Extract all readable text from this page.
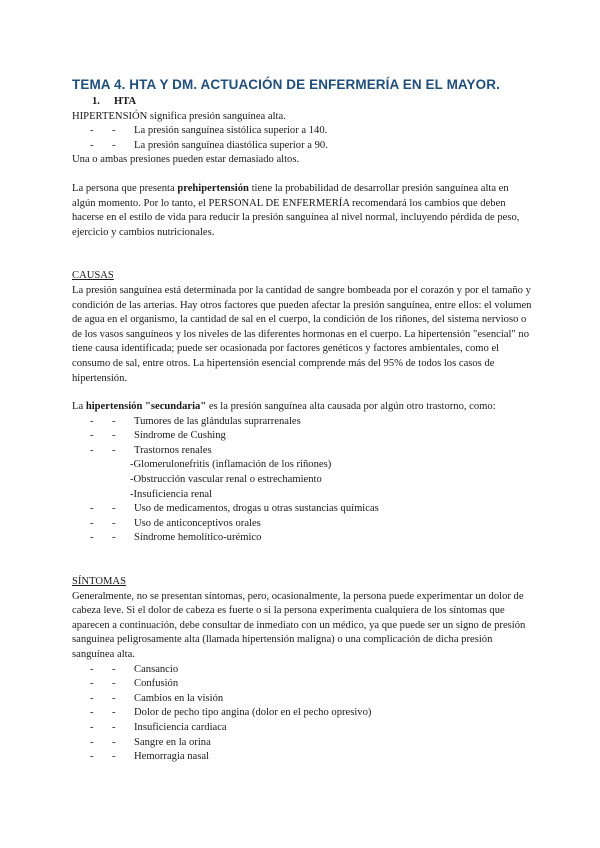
TEMA 4. HTA Y DM. ACTUACIÓN DE ENFERMERÍA EN EL MAYOR.
1. HTA

HIPERTENSIÓN significa presión sanguínea alta.

- -	La presión sanguínea sistólica superior a 140.
- -	La presión sanguínea diastólica superior a 90.

Una o ambas presiones pueden estar demasiado altos.

La persona que presenta prehipertensión tiene la probabilidad de desarrollar presión sanguínea alta en algún momento. Por lo tanto, el PERSONAL DE ENFERMERÍA recomendará los cambios que deben hacerse en el estilo de vida para reducir la presión sanguínea al nivel normal, incluyendo pérdida de peso, ejercicio y cambios nutricionales.

CAUSAS

La presión sanguínea está determinada por la cantidad de sangre bombeada por el corazón y por el tamaño y condición de las arterias. Hay otros factores que pueden afectar la presión sanguínea, entre ellos: el volumen de agua en el organismo, la cantidad de sal en el cuerpo, la condición de los riñones, del sistema nervioso o de los vasos sanguíneos y los niveles de las diferentes hormonas en el cuerpo. La hipertensión "esencial" no tiene causa identificada; puede ser ocasionada por factores genéticos y factores ambientales, como el consumo de sal, entre otros. La hipertensión esencial comprende más del 95% de todos los casos de hipertensión.

La hipertensión "secundaria" es la presión sanguínea alta causada por algún otro trastorno, como:

- -	Tumores de las glándulas suprarrenales
- -	Síndrome de Cushing
- -	Trastornos renales
-Glomerulonefritis (inflamación de los riñones)
-Obstrucción vascular renal o estrechamiento
-Insuficiencia renal
- -	Uso de medicamentos, drogas u otras sustancias químicas
- -	Uso de anticonceptivos orales
- -	Síndrome hemolítico-urémico

SÍNTOMAS

Generalmente, no se presentan síntomas, pero, ocasionalmente, la persona puede experimentar un dolor de cabeza leve. Si el dolor de cabeza es fuerte o si la persona experimenta cualquiera de los síntomas que aparecen a continuación, debe consultar de inmediato con un médico, ya que puede ser un signo de presión sanguínea peligrosamente alta (llamada hipertensión maligna) o una complicación de dicha presión sanguínea alta.

- -	Cansancio
- -	Confusión
- -	Cambios en la visión
- -	Dolor de pecho tipo angina (dolor en el pecho opresivo)
- -	Insuficiencia cardiaca
- -	Sangre en la orina
- -	Hemorragia nasal
